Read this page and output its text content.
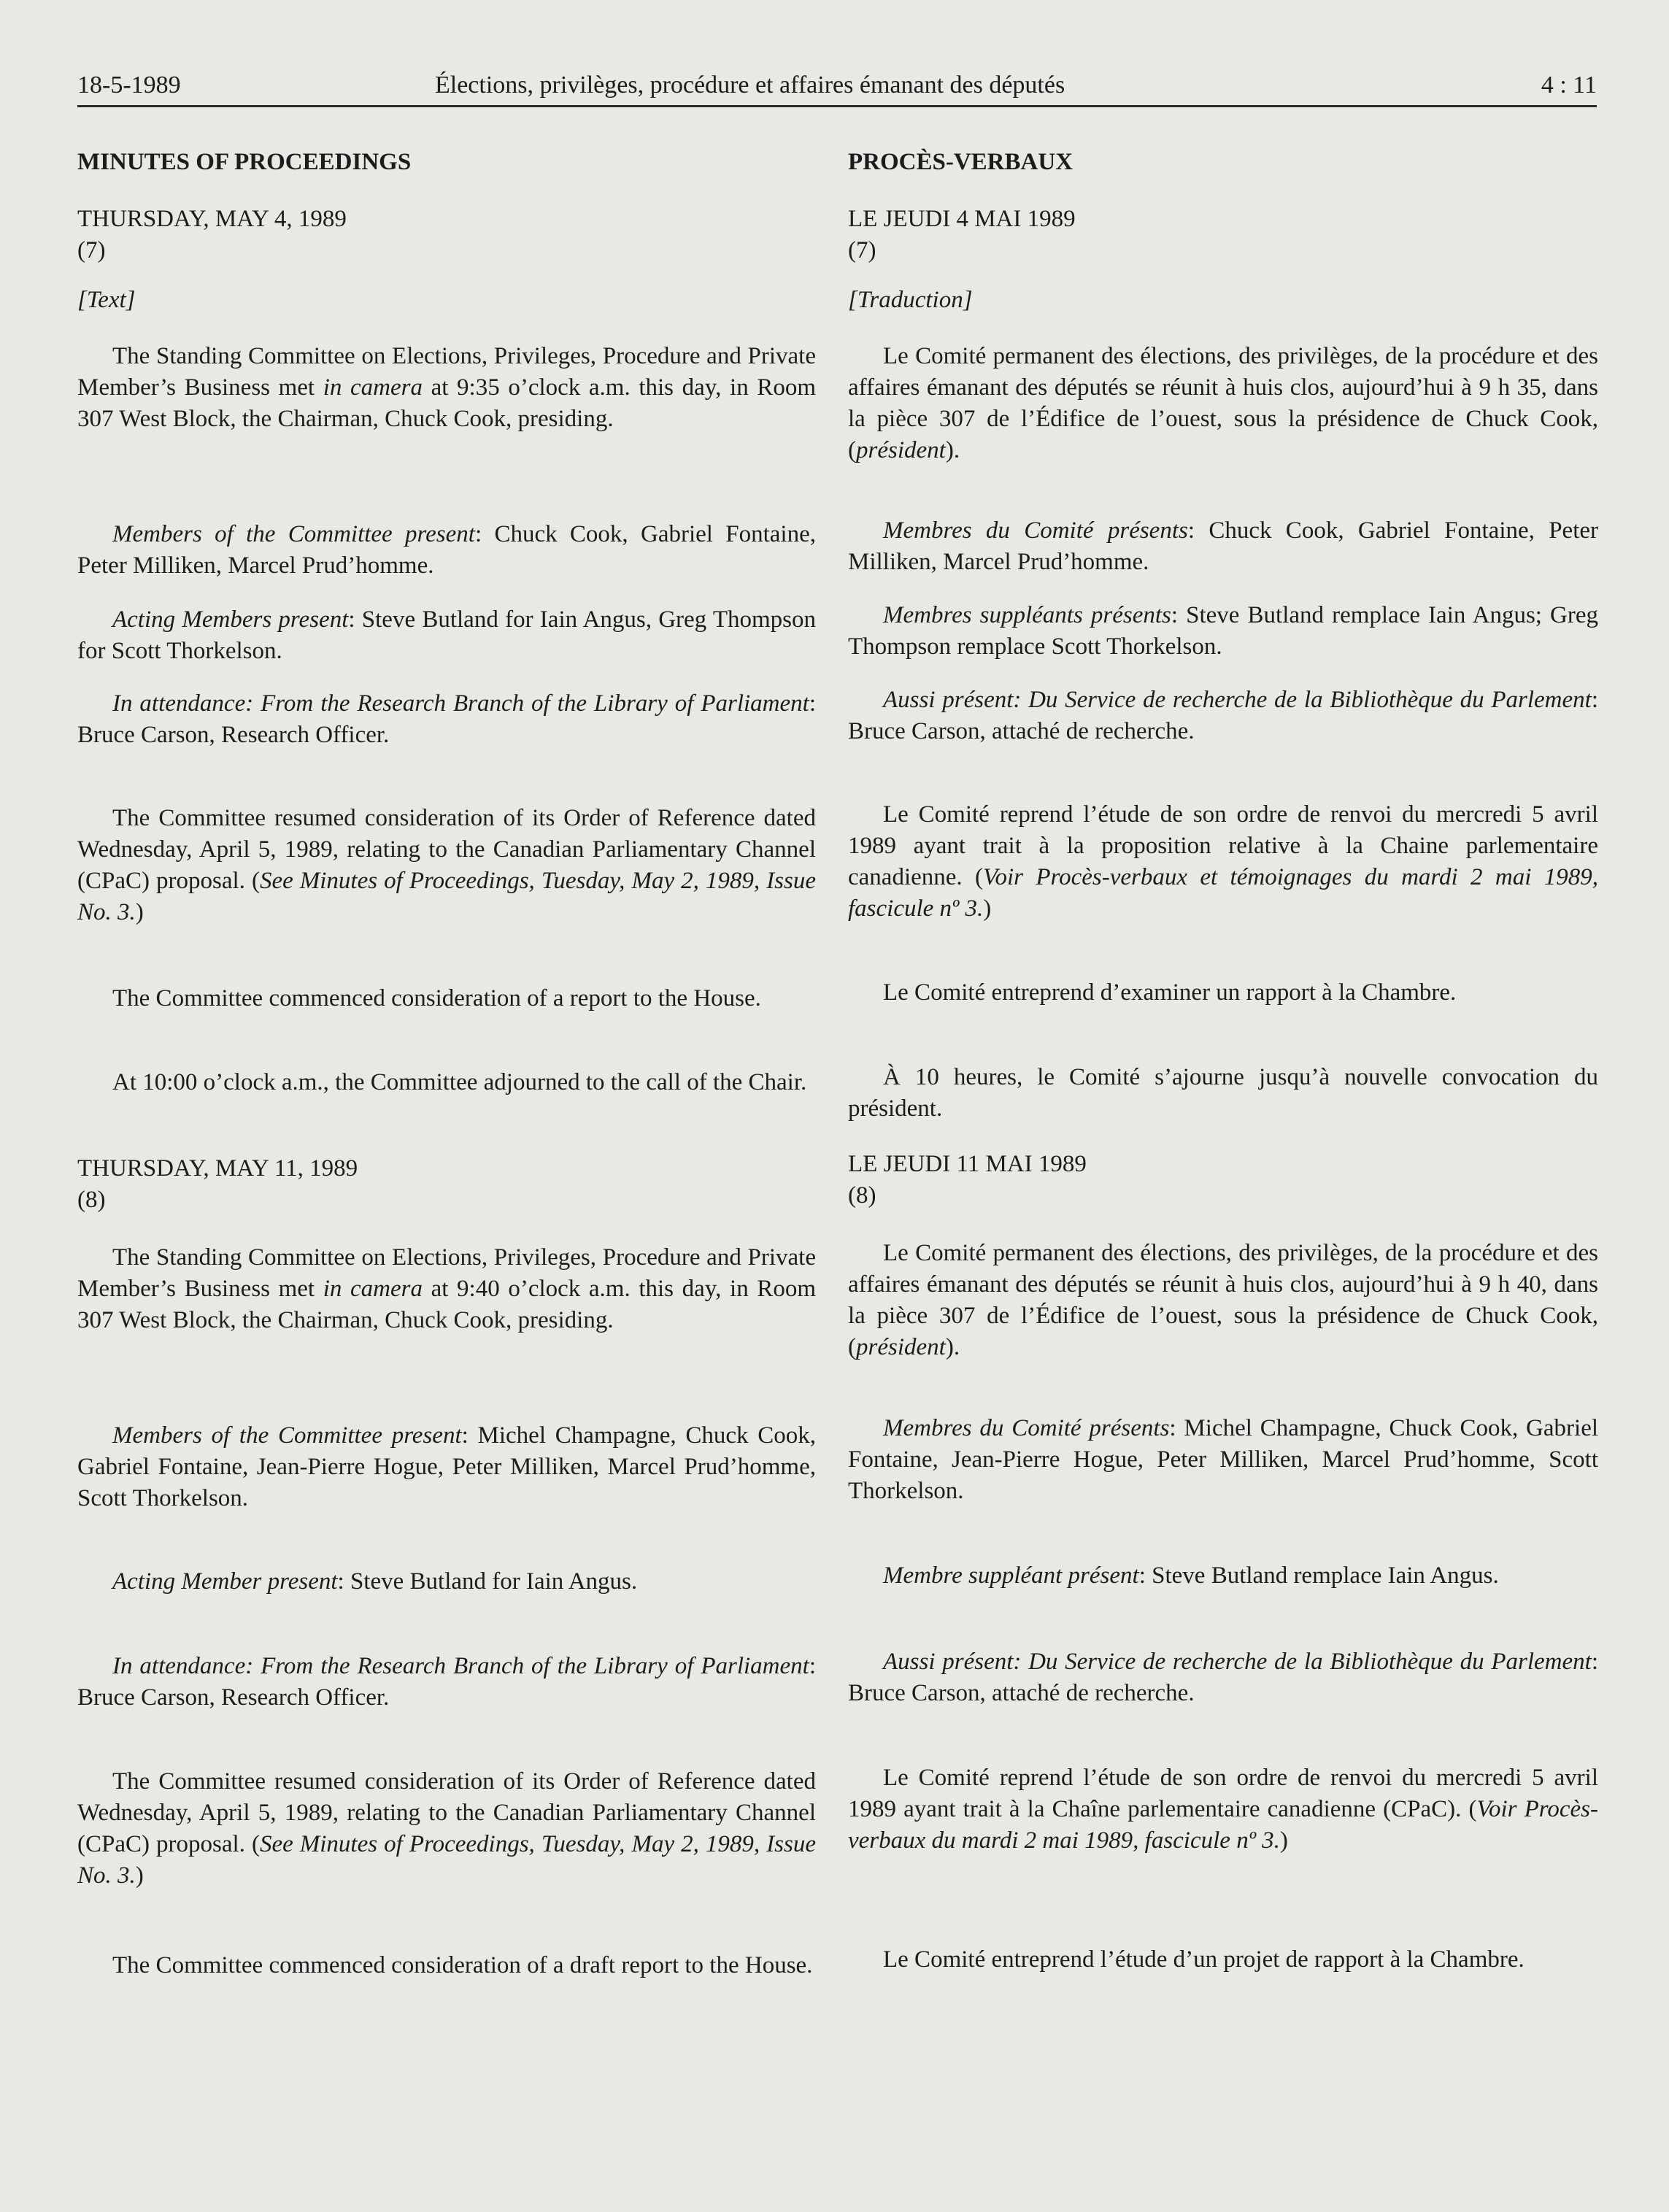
18-5-1989	Élections, privilèges, procédure et affaires émanant des députés	4 : 11

MINUTES OF PROCEEDINGS

THURSDAY, MAY 4, 1989

(7)

[Text]

The Standing Committee on Elections, Privileges, Procedure and Private Member’s Business met in camera at 9:35 o’clock a.m. this day, in Room 307 West Block, the Chairman, Chuck Cook, presiding.

Members of the Committee present: Chuck Cook, Gabriel Fontaine, Peter Milliken, Marcel Prud’homme.

Acting Members present: Steve Butland for Iain Angus, Greg Thompson for Scott Thorkelson.

In attendance: From the Research Branch of the Library of Parliament: Bruce Carson, Research Officer.

The Committee resumed consideration of its Order of Reference dated Wednesday, April 5, 1989, relating to the Canadian Parliamentary Channel (CPaC) proposal. (See Minutes of Proceedings, Tuesday, May 2, 1989, Issue No. 3.)

The Committee commenced consideration of a report to the House.

At 10:00 o’clock a.m., the Committee adjourned to the call of the Chair.

THURSDAY, MAY 11, 1989

(8)

The Standing Committee on Elections, Privileges, Procedure and Private Member’s Business met in camera at 9:40 o’clock a.m. this day, in Room 307 West Block, the Chairman, Chuck Cook, presiding.

Members of the Committee present: Michel Champagne, Chuck Cook, Gabriel Fontaine, Jean-Pierre Hogue, Peter Milliken, Marcel Prud’homme, Scott Thorkelson.

Acting Member present: Steve Butland for Iain Angus.

In attendance: From the Research Branch of the Library of Parliament: Bruce Carson, Research Officer.

The Committee resumed consideration of its Order of Reference dated Wednesday, April 5, 1989, relating to the Canadian Parliamentary Channel (CPaC) proposal. (See Minutes of Proceedings, Tuesday, May 2, 1989, Issue No. 3.)

The Committee commenced consideration of a draft report to the House.

PROCÈS-VERBAUX

LE JEUDI 4 MAI 1989

(7)

[Traduction]

Le Comité permanent des élections, des privilèges, de la procédure et des affaires émanant des députés se réunit à huis clos, aujourd’hui à 9 h 35, dans la pièce 307 de l’Édifice de l’ouest, sous la présidence de Chuck Cook, (président).

Membres du Comité présents: Chuck Cook, Gabriel Fontaine, Peter Milliken, Marcel Prud’homme.

Membres suppléants présents: Steve Butland remplace Iain Angus; Greg Thompson remplace Scott Thorkelson.

Aussi présent: Du Service de recherche de la Bibliothèque du Parlement: Bruce Carson, attaché de recherche.

Le Comité reprend l’étude de son ordre de renvoi du mercredi 5 avril 1989 ayant trait à la proposition relative à la Chaine parlementaire canadienne. (Voir Procès-verbaux et témoignages du mardi 2 mai 1989, fascicule nº 3.)

Le Comité entreprend d’examiner un rapport à la Chambre.

À 10 heures, le Comité s’ajourne jusqu’à nouvelle convocation du président.

LE JEUDI 11 MAI 1989

(8)

Le Comité permanent des élections, des privilèges, de la procédure et des affaires émanant des députés se réunit à huis clos, aujourd’hui à 9 h 40, dans la pièce 307 de l’Édifice de l’ouest, sous la présidence de Chuck Cook, (président).

Membres du Comité présents: Michel Champagne, Chuck Cook, Gabriel Fontaine, Jean-Pierre Hogue, Peter Milliken, Marcel Prud’homme, Scott Thorkelson.

Membre suppléant présent: Steve Butland remplace Iain Angus.

Aussi présent: Du Service de recherche de la Bibliothèque du Parlement: Bruce Carson, attaché de recherche.

Le Comité reprend l’étude de son ordre de renvoi du mercredi 5 avril 1989 ayant trait à la Chaîne parlementaire canadienne (CPaC). (Voir Procès-verbaux du mardi 2 mai 1989, fascicule nº 3.)

Le Comité entreprend l’étude d’un projet de rapport à la Chambre.
